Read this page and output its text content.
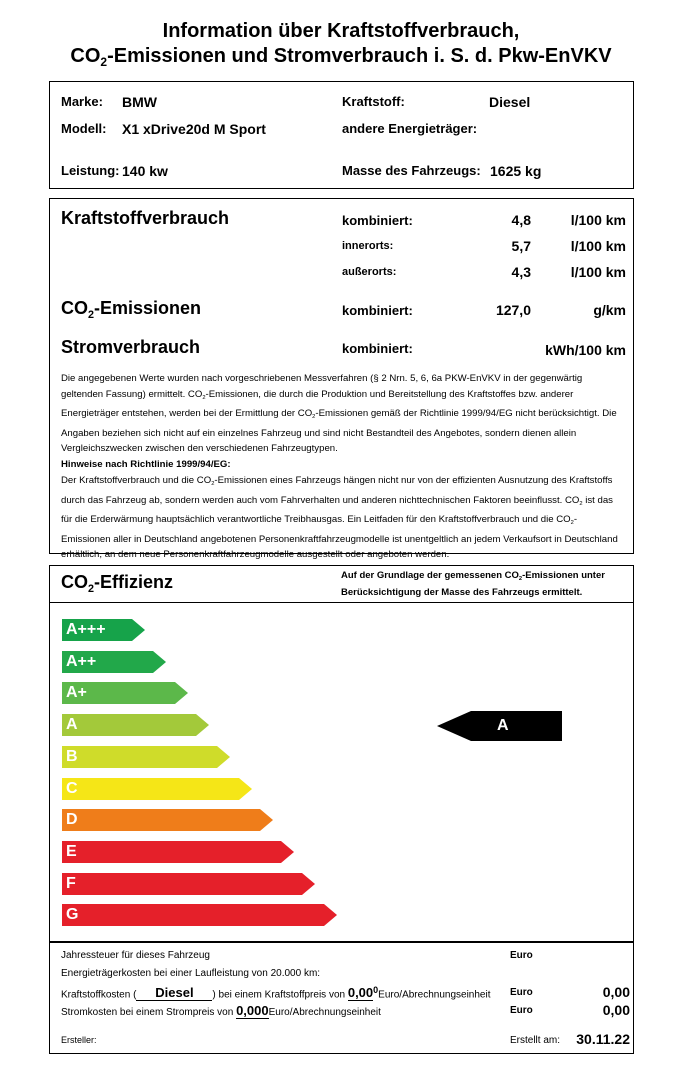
Information über Kraftstoffverbrauch,
$CO_2$-Emissionen und Stromverbrauch i. S. d. Pkw-EnVKV
Marke: BMW
Modell: X1 xDrive20d M Sport
Leistung: 140 kw
Kraftstoff:	Diesel
andere Energieträger:
Masse des Fahrzeugs: 1625 kg
Kraftstoffverbrauch	kombiniert:	4,8	l/100 km
innerorts:	5,7	l/100 km
außerorts:	4,3	l/100 km
$CO_2$-Emissionen	kombiniert:	127,0	g/km
Stromverbrauch	kombiniert:	kWh/100 km
Die angegebenen Werte wurden nach vorgeschriebenen Messverfahren (§ 2 Nrn. 5, 6, 6a PKW-EnVKV in der gegenwärtig geltenden Fassung) ermittelt. $CO_2$-Emissionen, die durch die Produktion und Bereitstellung des Kraftstoffes bzw. anderer Energieträger entstehen, werden bei der Ermittlung der $CO_2$-Emissionen gemäß der Richtlinie 1999/94/EG nicht berücksichtigt. Die Angaben beziehen sich nicht auf ein einzelnes Fahrzeug und sind nicht Bestandteil des Angebotes, sondern dienen allein Vergleichszwecken zwischen den verschiedenen Fahrzeugtypen.
Hinweise nach Richtlinie 1999/94/EG:
Der Kraftstoffverbrauch und die $CO_2$-Emissionen eines Fahrzeugs hängen nicht nur von der effizienten Ausnutzung des Kraftstoffs durch das Fahrzeug ab, sondern werden auch vom Fahrverhalten und anderen nichttechnischen Faktoren beeinflusst. $CO_2$ ist das für die Erderwärmung hauptsächlich verantwortliche Treibhausgas. Ein Leitfaden für den Kraftstoffverbrauch und die $CO_2$-Emissionen aller in Deutschland angebotenen Personenkraftfahrzeugmodelle ist unentgeltlich an jedem Verkaufsort in Deutschland erhältlich, an dem neue Personenkraftfahrzeugmodelle ausgestellt oder angeboten werden.
$CO_2$-Effizienz	Auf der Grundlage der gemessenen $CO_2$-Emissionen unter
Berücksichtigung der Masse des Fahrzeugs ermittelt.
A+++
A++
A+
A
B
C
D
E
F
G
A
Jahressteuer für dieses Fahrzeug	Euro
Energieträgerkosten bei einer Laufleistung von 20.000 km:
Kraftstoffkosten ( Diesel ) bei einem Kraftstoffpreis von 0,00$^0$Euro/Abrechnungseinheit Euro	0,00
Stromkosten bei einem Strompreis von 0,000Euro/Abrechnungseinheit	Euro	0,00
Ersteller:	Erstellt am:	30.11.22
